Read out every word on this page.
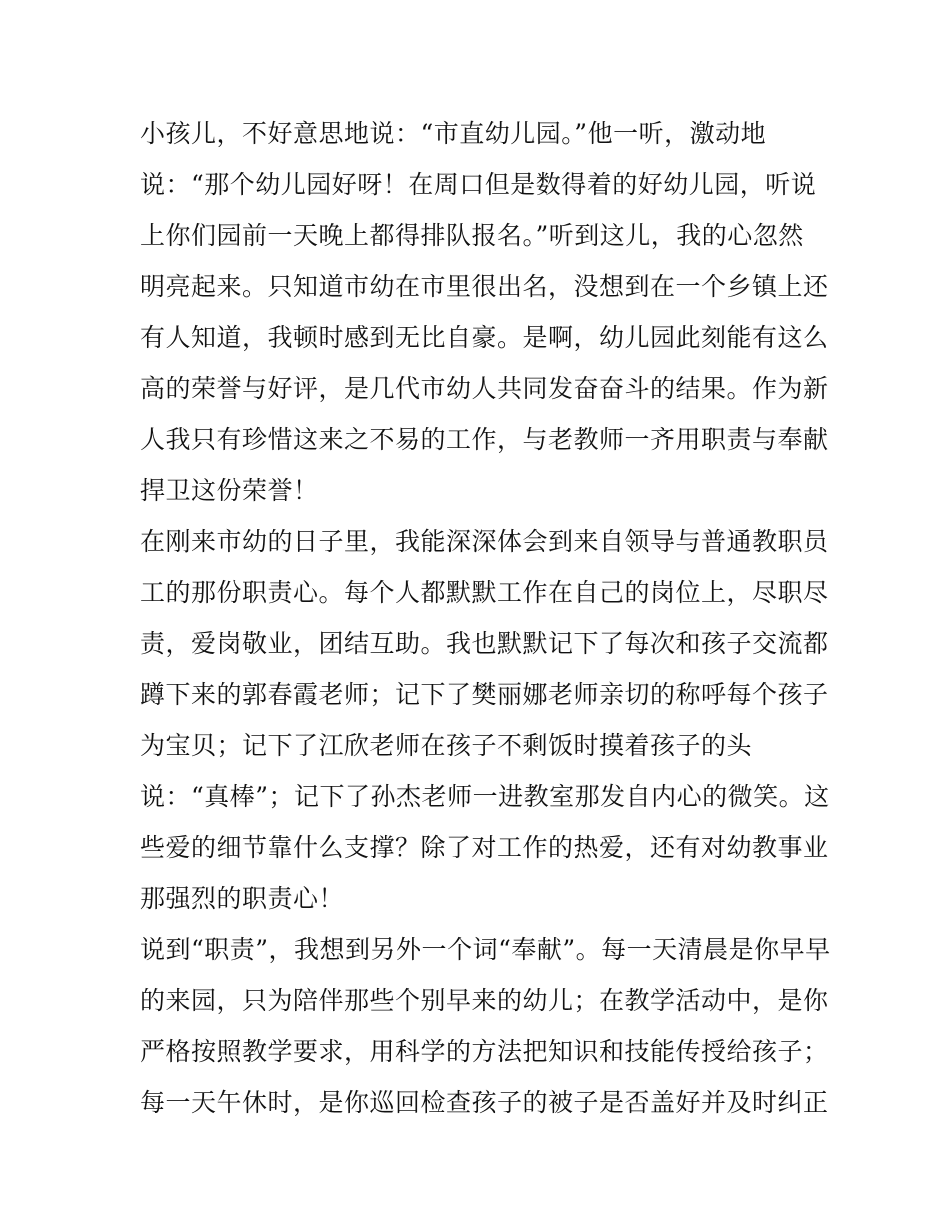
小孩儿，不好意思地说：“市直幼儿园。”他一听，激动地
说：“那个幼儿园好呀！在周口但是数得着的好幼儿园，听说
上你们园前一天晚上都得排队报名。”听到这儿，我的心忽然
明亮起来。只知道市幼在市里很出名，没想到在一个乡镇上还
有人知道，我顿时感到无比自豪。是啊，幼儿园此刻能有这么
高的荣誉与好评，是几代市幼人共同发奋奋斗的结果。作为新
人我只有珍惜这来之不易的工作，与老教师一齐用职责与奉献
捍卫这份荣誉！
在刚来市幼的日子里，我能深深体会到来自领导与普通教职员
工的那份职责心。每个人都默默工作在自己的岗位上，尽职尽
责，爱岗敬业，团结互助。我也默默记下了每次和孩子交流都
蹲下来的郭春霞老师；记下了樊丽娜老师亲切的称呼每个孩子
为宝贝；记下了江欣老师在孩子不剩饭时摸着孩子的头
说：“真棒”；记下了孙杰老师一进教室那发自内心的微笑。这
些爱的细节靠什么支撑？除了对工作的热爱，还有对幼教事业
那强烈的职责心！
说到“职责”，我想到另外一个词“奉献”。每一天清晨是你早早
的来园，只为陪伴那些个别早来的幼儿；在教学活动中，是你
严格按照教学要求，用科学的方法把知识和技能传授给孩子；
每一天午休时，是你巡回检查孩子的被子是否盖好并及时纠正
